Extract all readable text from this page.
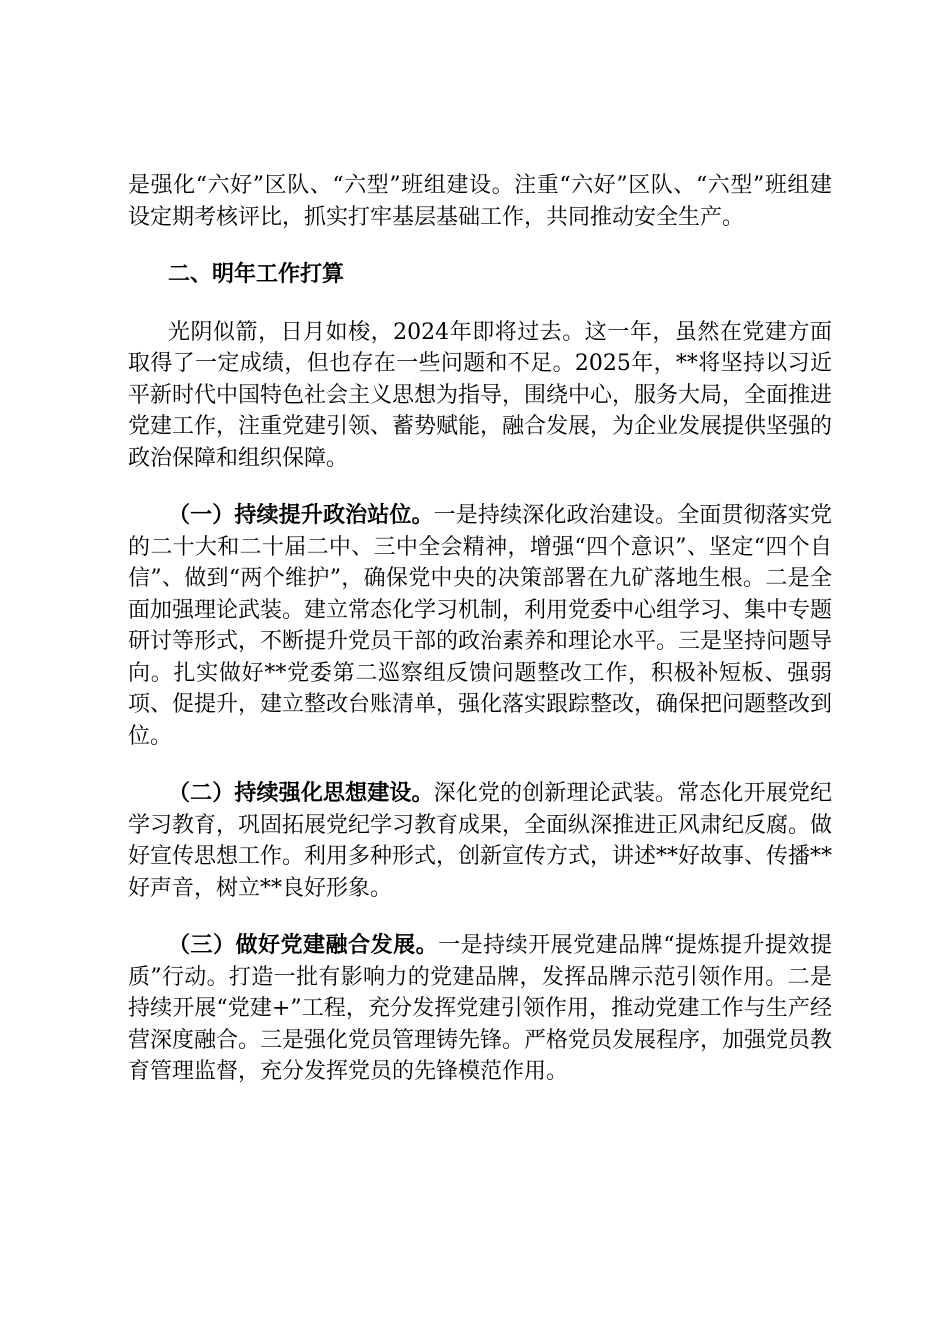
是强化“六好”区队、“六型”班组建设。注重“六好”区队、“六型”班组建设定期考核评比，抓实打牢基层基础工作，共同推动安全生产。

二、明年工作打算

光阴似箭，日月如梭，2024年即将过去。这一年，虽然在党建方面取得了一定成绩，但也存在一些问题和不足。2025年，**将坚持以习近平新时代中国特色社会主义思想为指导，围绕中心，服务大局，全面推进党建工作，注重党建引领、蓄势赋能，融合发展，为企业发展提供坚强的政治保障和组织保障。

（一）持续提升政治站位。一是持续深化政治建设。全面贯彻落实党的二十大和二十届二中、三中全会精神，增强“四个意识”、坚定“四个自信”、做到“两个维护”，确保党中央的决策部署在九矿落地生根。二是全面加强理论武装。建立常态化学习机制，利用党委中心组学习、集中专题研讨等形式，不断提升党员干部的政治素养和理论水平。三是坚持问题导向。扎实做好**党委第二巡察组反馈问题整改工作，积极补短板、强弱项、促提升，建立整改台账清单，强化落实跟踪整改，确保把问题整改到位。

（二）持续强化思想建设。深化党的创新理论武装。常态化开展党纪学习教育，巩固拓展党纪学习教育成果，全面纵深推进正风肃纪反腐。做好宣传思想工作。利用多种形式，创新宣传方式，讲述**好故事、传播**好声音，树立**良好形象。

（三）做好党建融合发展。一是持续开展党建品牌“提炼提升提效提质”行动。打造一批有影响力的党建品牌，发挥品牌示范引领作用。二是持续开展“党建+”工程，充分发挥党建引领作用，推动党建工作与生产经营深度融合。三是强化党员管理铸先锋。严格党员发展程序，加强党员教育管理监督，充分发挥党员的先锋模范作用。
